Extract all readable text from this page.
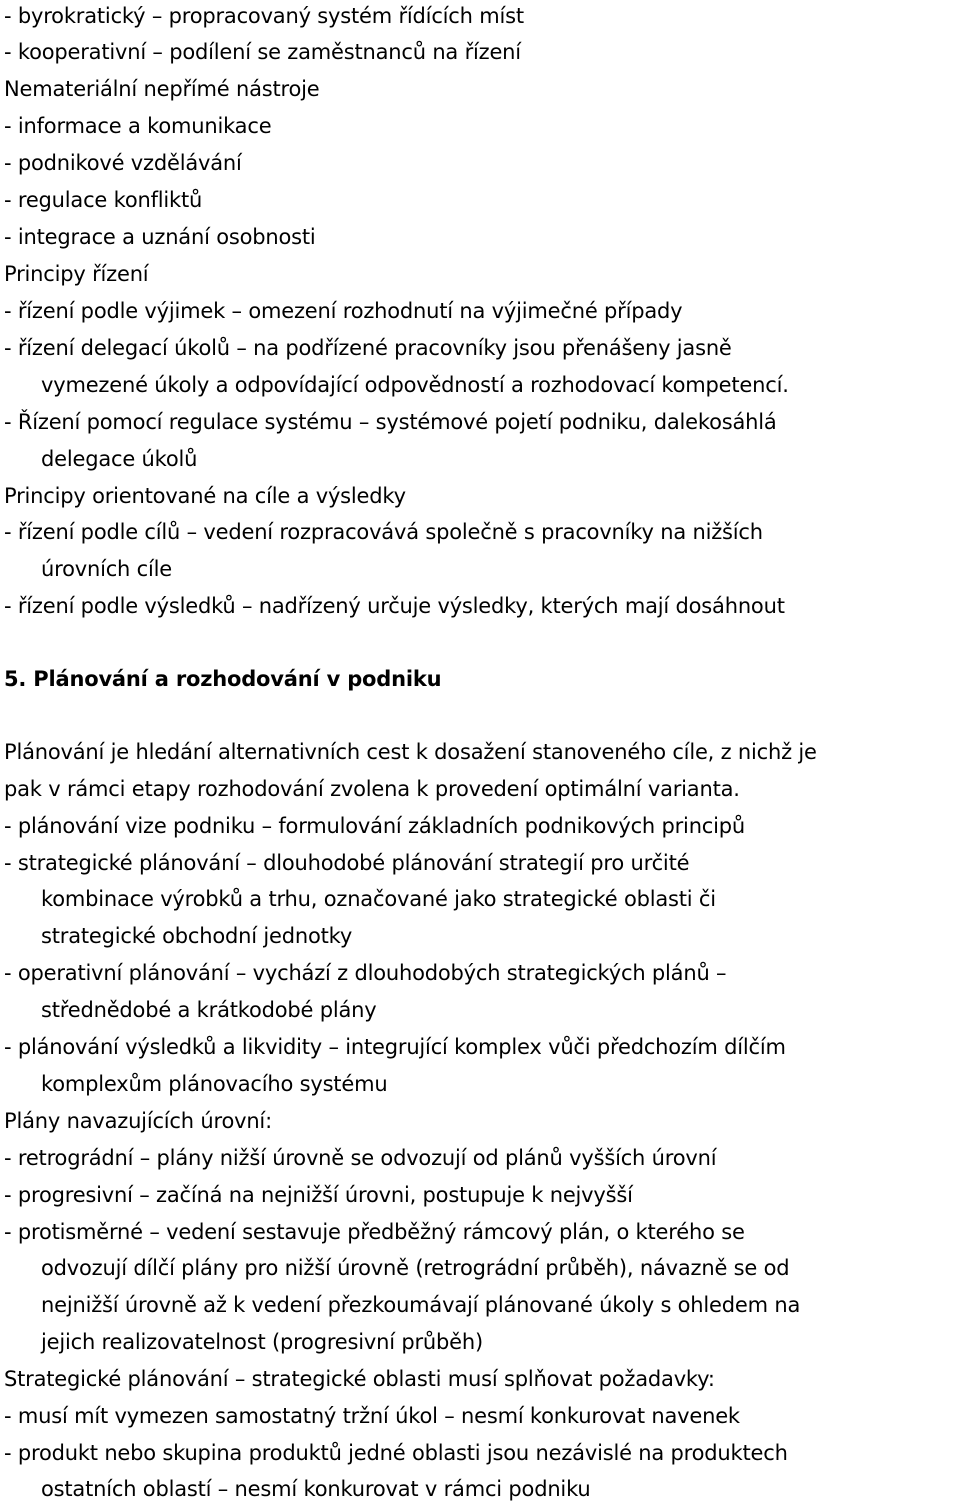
- byrokratický – propracovaný systém řídících míst
- kooperativní – podílení se zaměstnanců na řízení
Nemateriální nepřímé nástroje
- informace a komunikace
- podnikové vzdělávání
- regulace konfliktů
- integrace a uznání osobnosti
Principy řízení
- řízení podle výjimek – omezení rozhodnutí na výjimečné případy
- řízení delegací úkolů – na podřízené pracovníky jsou přenášeny jasně
vymezené úkoly a odpovídající odpovědností a rozhodovací kompetencí.
- Řízení pomocí regulace systému – systémové pojetí podniku, dalekosáhlá
delegace úkolů
Principy orientované na cíle a výsledky
- řízení podle cílů – vedení rozpracovává společně s pracovníky na nižších
úrovních cíle
- řízení podle výsledků – nadřízený určuje výsledky, kterých mají dosáhnout
5. Plánování a rozhodování v podniku
Plánování je hledání alternativních cest k dosažení stanoveného cíle, z nichž je
pak v rámci etapy rozhodování zvolena k provedení optimální varianta.
- plánování vize podniku – formulování základních podnikových principů
- strategické plánování – dlouhodobé plánování strategií pro určité
kombinace výrobků a trhu, označované jako strategické oblasti či
strategické obchodní jednotky
- operativní plánování – vychází z dlouhodobých strategických plánů –
střednědobé a krátkodobé plány
- plánování výsledků a likvidity – integrující komplex vůči předchozím dílčím
komplexům plánovacího systému
Plány navazujících úrovní:
- retrográdní – plány nižší úrovně se odvozují od plánů vyšších úrovní
- progresivní – začíná na nejnižší úrovni, postupuje k nejvyšší
- protisměrné – vedení sestavuje předběžný rámcový plán, o kterého se
odvozují dílčí plány pro nižší úrovně (retrográdní průběh), návazně se od
nejnižší úrovně až k vedení přezkoumávají plánované úkoly s ohledem na
jejich realizovatelnost (progresivní průběh)
Strategické plánování – strategické oblasti musí splňovat požadavky:
- musí mít vymezen samostatný tržní úkol – nesmí konkurovat navenek
- produkt nebo skupina produktů jedné oblasti jsou nezávislé na produktech
ostatních oblastí – nesmí konkurovat v rámci podniku
